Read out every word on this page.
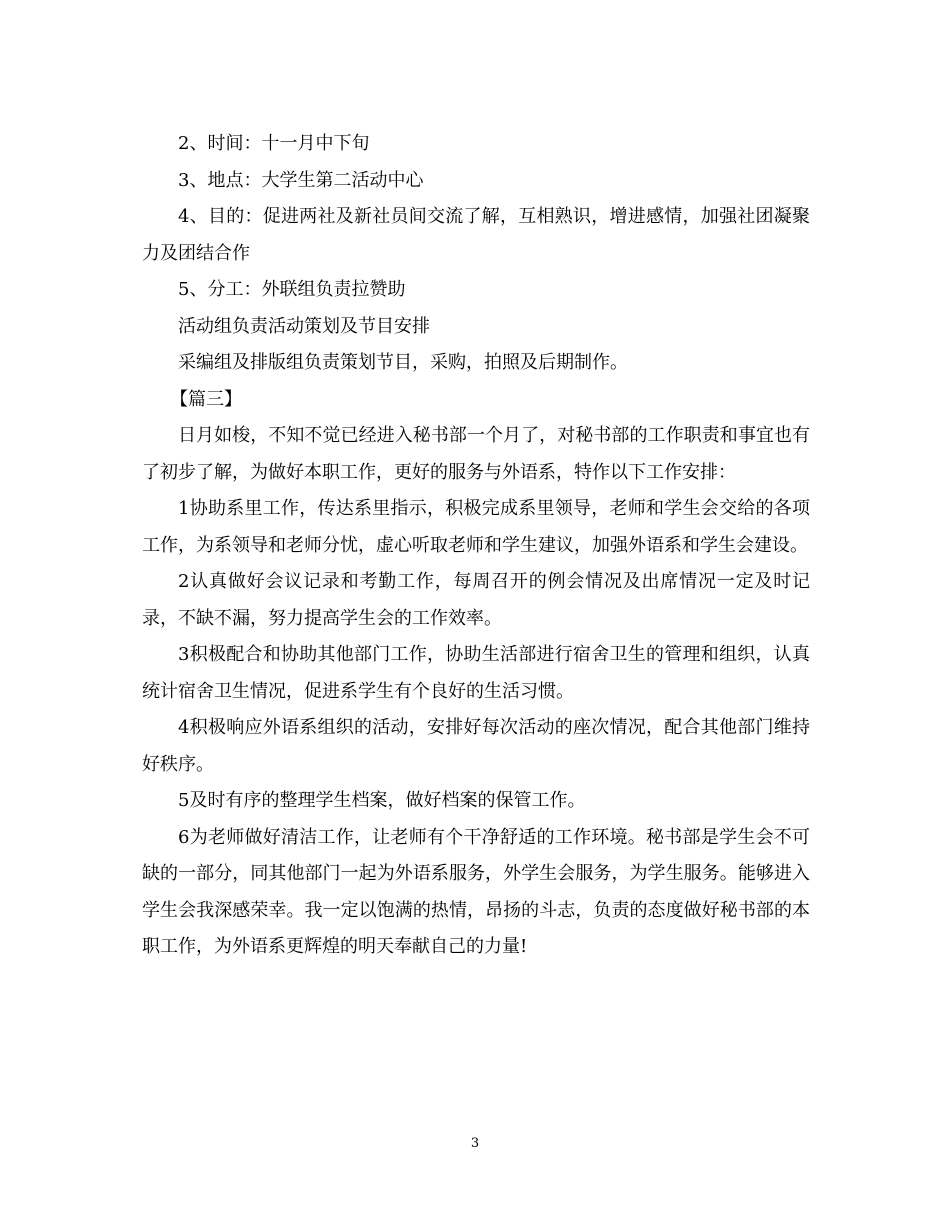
2、时间：十一月中下旬

3、地点：大学生第二活动中心

4、目的：促进两社及新社员间交流了解，互相熟识，增进感情，加强社团凝聚力及团结合作

5、分工：外联组负责拉赞助

活动组负责活动策划及节目安排

采编组及排版组负责策划节目，采购，拍照及后期制作。

【篇三】

日月如梭，不知不觉已经进入秘书部一个月了，对秘书部的工作职责和事宜也有了初步了解，为做好本职工作，更好的服务与外语系，特作以下工作安排：

1协助系里工作，传达系里指示，积极完成系里领导，老师和学生会交给的各项工作，为系领导和老师分忧，虚心听取老师和学生建议，加强外语系和学生会建设。

2认真做好会议记录和考勤工作，每周召开的例会情况及出席情况一定及时记录，不缺不漏，努力提高学生会的工作效率。

3积极配合和协助其他部门工作，协助生活部进行宿舍卫生的管理和组织，认真统计宿舍卫生情况，促进系学生有个良好的生活习惯。

4积极响应外语系组织的活动，安排好每次活动的座次情况，配合其他部门维持好秩序。

5及时有序的整理学生档案，做好档案的保管工作。

6为老师做好清洁工作，让老师有个干净舒适的工作环境。秘书部是学生会不可缺的一部分，同其他部门一起为外语系服务，外学生会服务，为学生服务。能够进入学生会我深感荣幸。我一定以饱满的热情，昂扬的斗志，负责的态度做好秘书部的本职工作，为外语系更辉煌的明天奉献自己的力量!

3
